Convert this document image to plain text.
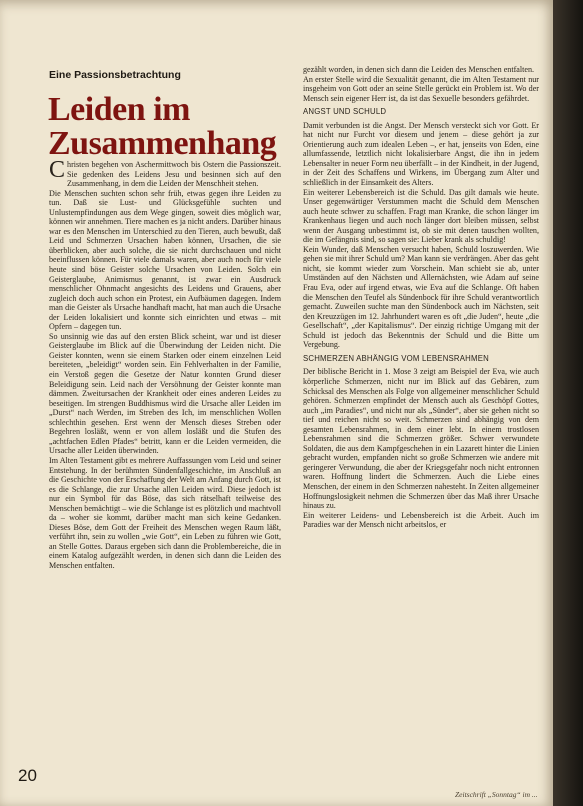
Eine Passionsbetrachtung
Leiden im
Zusammenhang

Christen begehen von Aschermittwoch bis Ostern die Passionszeit. Sie gedenken des Leidens Jesu und besinnen sich auf den Zusammenhang, in dem die Leiden der Menschheit stehen.

Die Menschen suchten schon sehr früh, etwas gegen ihre Leiden zu tun. Daß sie Lust- und Glücksgefühle suchten und Unlustempfindungen aus dem Wege gingen, soweit dies möglich war, können wir annehmen. Tiere machen es ja nicht anders. Darüber hinaus war es den Menschen im Unterschied zu den Tieren, auch bewußt, daß Leid und Schmerzen Ursachen haben können, Ursachen, die sie überblicken, aber auch solche, die sie nicht durchschauen und nicht beeinflussen können. Für viele damals waren, aber auch noch für viele heute sind böse Geister solche Ursachen von Leiden. Solch ein Geisterglaube, Animismus genannt, ist zwar ein Ausdruck menschlicher Ohnmacht angesichts des Leidens und Grauens, aber zugleich doch auch schon ein Protest, ein Aufbäumen dagegen. Indem man die Geister als Ursache handhaft macht, hat man auch die Ursache der Leiden lokalisiert und konnte sich einrichten und etwas – mit Opfern – dagegen tun.

So unsinnig wie das auf den ersten Blick scheint, war und ist dieser Geisterglaube im Blick auf die Überwindung der Leiden nicht. Die Geister konnten, wenn sie einem Starken oder einem einzelnen Leid bereiteten, „beleidigt“ worden sein. Ein Fehlverhalten in der Familie, ein Verstoß gegen die Gesetze der Natur konnten Grund dieser Beleidigung sein. Leid nach der Versöhnung der Geister konnte man dämmen. Zweitursachen der Krankheit oder eines anderen Leides zu beseitigen. Im strengen Buddhismus wird die Ursache aller Leiden im „Durst“ nach Werden, im Streben des Ich, im menschlichen Wollen schlechthin gesehen. Erst wenn der Mensch dieses Streben oder Begehren losläßt, wenn er von allem losläßt und die Stufen des „achtfachen Edlen Pfades“ betritt, kann er die Leiden vermeiden, die Ursache aller Leiden überwinden.

Im Alten Testament gibt es mehrere Auffassungen vom Leid und seiner Entstehung. In der berühmten Sündenfallgeschichte, im Anschluß an die Geschichte von der Erschaffung der Welt am Anfang durch Gott, ist es die Schlange, die zur Ursache allen Leiden wird. Diese jedoch ist nur ein Symbol für das Böse, das sich rätselhaft teilweise des Menschen bemächtigt – wie die Schlange ist es plötzlich und machtvoll da – woher sie kommt, darüber macht man sich keine Gedanken. Dieses Böse, dem Gott der Freiheit des Menschen wegen Raum läßt, verführt ihn, sein zu wollen „wie Gott“, ein Leben zu führen wie Gott, an Stelle Gottes. Daraus ergeben sich dann die Problembereiche, die in einem Katalog aufgezählt werden, in denen sich dann die Leiden des Menschen entfalten.

gezählt worden, in denen sich dann die Leiden des Menschen entfalten.

An erster Stelle wird die Sexualität genannt, die im Alten Testament nur insgeheim von Gott oder an seine Stelle gerückt ein Problem ist. Wo der Mensch sein eigener Herr ist, da ist das Sexuelle besonders gefährdet.

ANGST UND SCHULD

Damit verbunden ist die Angst. Der Mensch versteckt sich vor Gott. Er hat nicht nur Furcht vor diesem und jenem – diese gehört ja zur Orientierung auch zum idealen Leben –, er hat, jenseits von Eden, eine allumfassende, letztlich nicht lokalisierbare Angst, die ihn in jedem Lebensalter in neuer Form neu überfällt – in der Kindheit, in der Jugend, in der Zeit des Schaffens und Wirkens, im Übergang zum Alter und schließlich in der Einsamkeit des Alters.

Ein weiterer Lebensbereich ist die Schuld. Das gilt damals wie heute. Unser gegenwärtiger Verstummen macht die Schuld dem Menschen auch heute schwer zu schaffen. Fragt man Kranke, die schon länger im Krankenhaus liegen und auch noch länger dort bleiben müssen, selbst wenn der Ausgang unbestimmt ist, ob sie mit denen tauschen wollten, die im Gefängnis sind, so sagen sie: Lieber krank als schuldig!

Kein Wunder, daß Menschen versucht haben, Schuld loszuwerden. Wie gehen sie mit ihrer Schuld um? Man kann sie verdrängen. Aber das geht nicht, sie kommt wieder zum Vorschein. Man schiebt sie ab, unter Umständen auf den Nächsten und Allernächsten, wie Adam auf seine Frau Eva, oder auf irgend etwas, wie Eva auf die Schlange. Oft haben die Menschen den Teufel als Sündenbock für ihre Schuld verantwortlich gemacht. Zuweilen suchte man den Sündenbock auch im Nächsten, seit den Kreuzzügen im 12. Jahrhundert waren es oft „die Juden“, heute „die Gesellschaft“, „der Kapitalismus“. Der einzig richtige Umgang mit der Schuld ist jedoch das Bekenntnis der Schuld und die Bitte um Vergebung.

SCHMERZEN ABHÄNGIG VOM LEBENSRAHMEN

Der biblische Bericht in 1. Mose 3 zeigt am Beispiel der Eva, wie auch körperliche Schmerzen, nicht nur im Blick auf das Gebären, zum Schicksal des Menschen als Folge von allgemeiner menschlicher Schuld gehören. Schmerzen empfindet der Mensch auch als Geschöpf Gottes, auch „im Paradies“, und nicht nur als „Sünder“, aber sie gehen nicht so tief und reichen nicht so weit. Schmerzen sind abhängig von dem gesamten Lebensrahmen, in dem einer lebt. In einem trostlosen Lebensrahmen sind die Schmerzen größer. Schwer verwundete Soldaten, die aus dem Kampfgeschehen in ein Lazarett hinter die Linien gebracht wurden, empfanden nicht so große Schmerzen wie andere mit geringerer Verwundung, die aber der Kriegsgefahr noch nicht entronnen waren. Hoffnung lindert die Schmerzen. Auch die Liebe eines Menschen, der einem in den Schmerzen nahesteht. In Zeiten allgemeiner Hoffnungslosigkeit nehmen die Schmerzen über das Maß ihrer Ursache hinaus zu.

Ein weiterer Leidens- und Lebensbereich ist die Arbeit. Auch im Paradies war der Mensch nicht arbeitslos, er

20
Zeitschrift „Sonntag“ im ...
